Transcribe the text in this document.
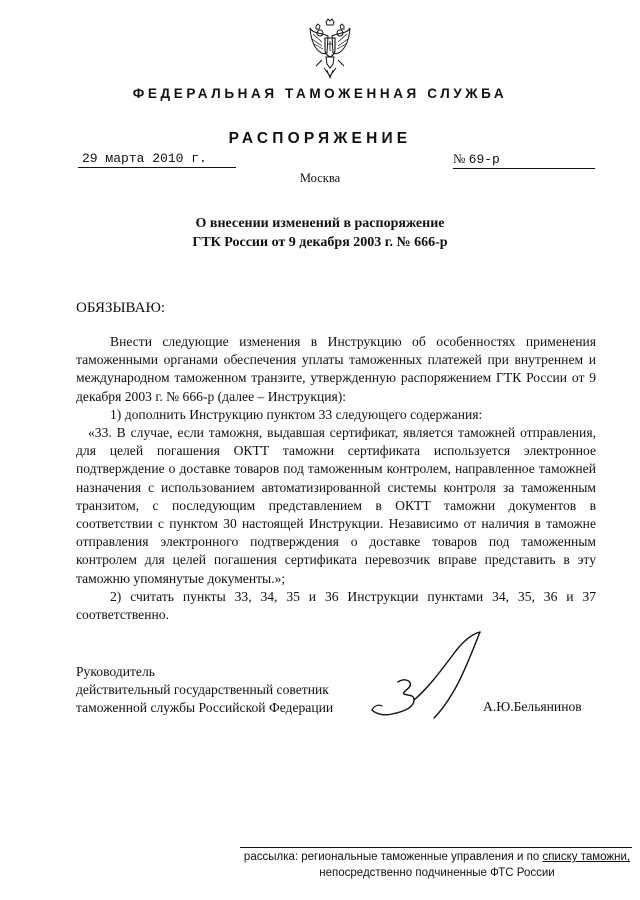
ФЕДЕРАЛЬНАЯ ТАМОЖЕННАЯ СЛУЖБА
РАСПОРЯЖЕНИЕ
29 марта 2010 г.	№ 69-р
Москва
О внесении изменений в распоряжение
ГТК России от 9 декабря 2003 г. № 666-р
ОБЯЗЫВАЮ:

Внести следующие изменения в Инструкцию об особенностях применения таможенными органами обеспечения уплаты таможенных платежей при внутреннем и международном таможенном транзите, утвержденную распоряжением ГТК России от 9 декабря 2003 г. № 666-р (далее – Инструкция):

1) дополнить Инструкцию пунктом 33 следующего содержания:

«33. В случае, если таможня, выдавшая сертификат, является таможней отправления, для целей погашения ОКТТ таможни сертификата используется электронное подтверждение о доставке товаров под таможенным контролем, направленное таможней назначения с использованием автоматизированной системы контроля за таможенным транзитом, с последующим представлением в ОКТТ таможни документов в соответствии с пунктом 30 настоящей Инструкции. Независимо от наличия в таможне отправления электронного подтверждения о доставке товаров под таможенным контролем для целей погашения сертификата перевозчик вправе представить в эту таможню упомянутые документы.»;

2) считать пункты 33, 34, 35 и 36 Инструкции пунктами 34, 35, 36 и 37 соответственно.

Руководитель
действительный государственный советник
таможенной службы Российской Федерации	А.Ю.Бельянинов
рассылка: региональные таможенные управления и по списку таможни,
непосредственно подчиненные ФТС России
